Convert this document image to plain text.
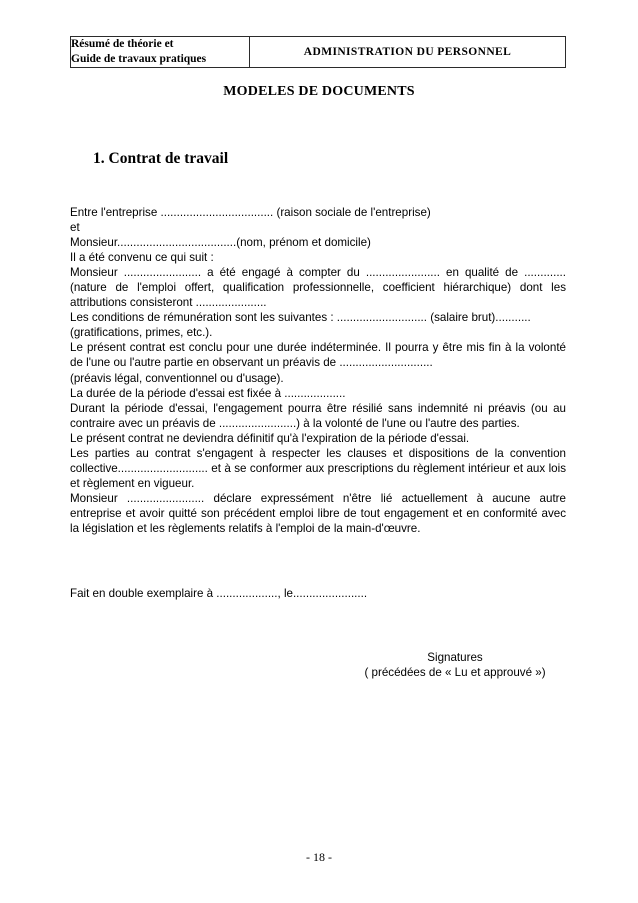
Résumé de théorie et
Guide de travaux pratiques
	ADMINISTRATION DU PERSONNEL
MODELES DE DOCUMENTS
1. Contrat de travail

Entre l'entreprise ................................... (raison sociale de l'entreprise)

et

Monsieur.....................................(nom, prénom et domicile)

Il a été convenu ce qui suit :

Monsieur ........................ a été engagé à compter du ....................... en qualité de ............. (nature de l'emploi offert, qualification professionnelle, coefficient hiérarchique) dont les attributions consisteront ......................

Les conditions de rémunération sont les suivantes : ............................ (salaire brut)...........

(gratifications, primes, etc.).

Le présent contrat est conclu pour une durée indéterminée. Il pourra y être mis fin à la volonté de l'une ou l'autre partie en observant un préavis de .............................

(préavis légal, conventionnel ou d'usage).

La durée de la période d'essai est fixée à ...................

Durant la période d'essai, l'engagement pourra être résilié sans indemnité ni préavis (ou au contraire avec un préavis de ........................) à la volonté de l'une ou l'autre des parties.

Le présent contrat ne deviendra définitif qu'à l'expiration de la période d'essai.

Les parties au contrat s'engagent à respecter les clauses et dispositions de la convention collective............................ et à se conformer aux prescriptions du règlement intérieur et aux lois et règlement en vigueur.

Monsieur ........................ déclare expressément n'être lié actuellement à aucune autre entreprise et avoir quitté son précédent emploi libre de tout engagement et en conformité avec la législation et les règlements relatifs à l'emploi de la main-d'œuvre.

Fait en double exemplaire à ..................., le.......................
Signatures
( précédées de « Lu et approuvé »)
- 18 -
